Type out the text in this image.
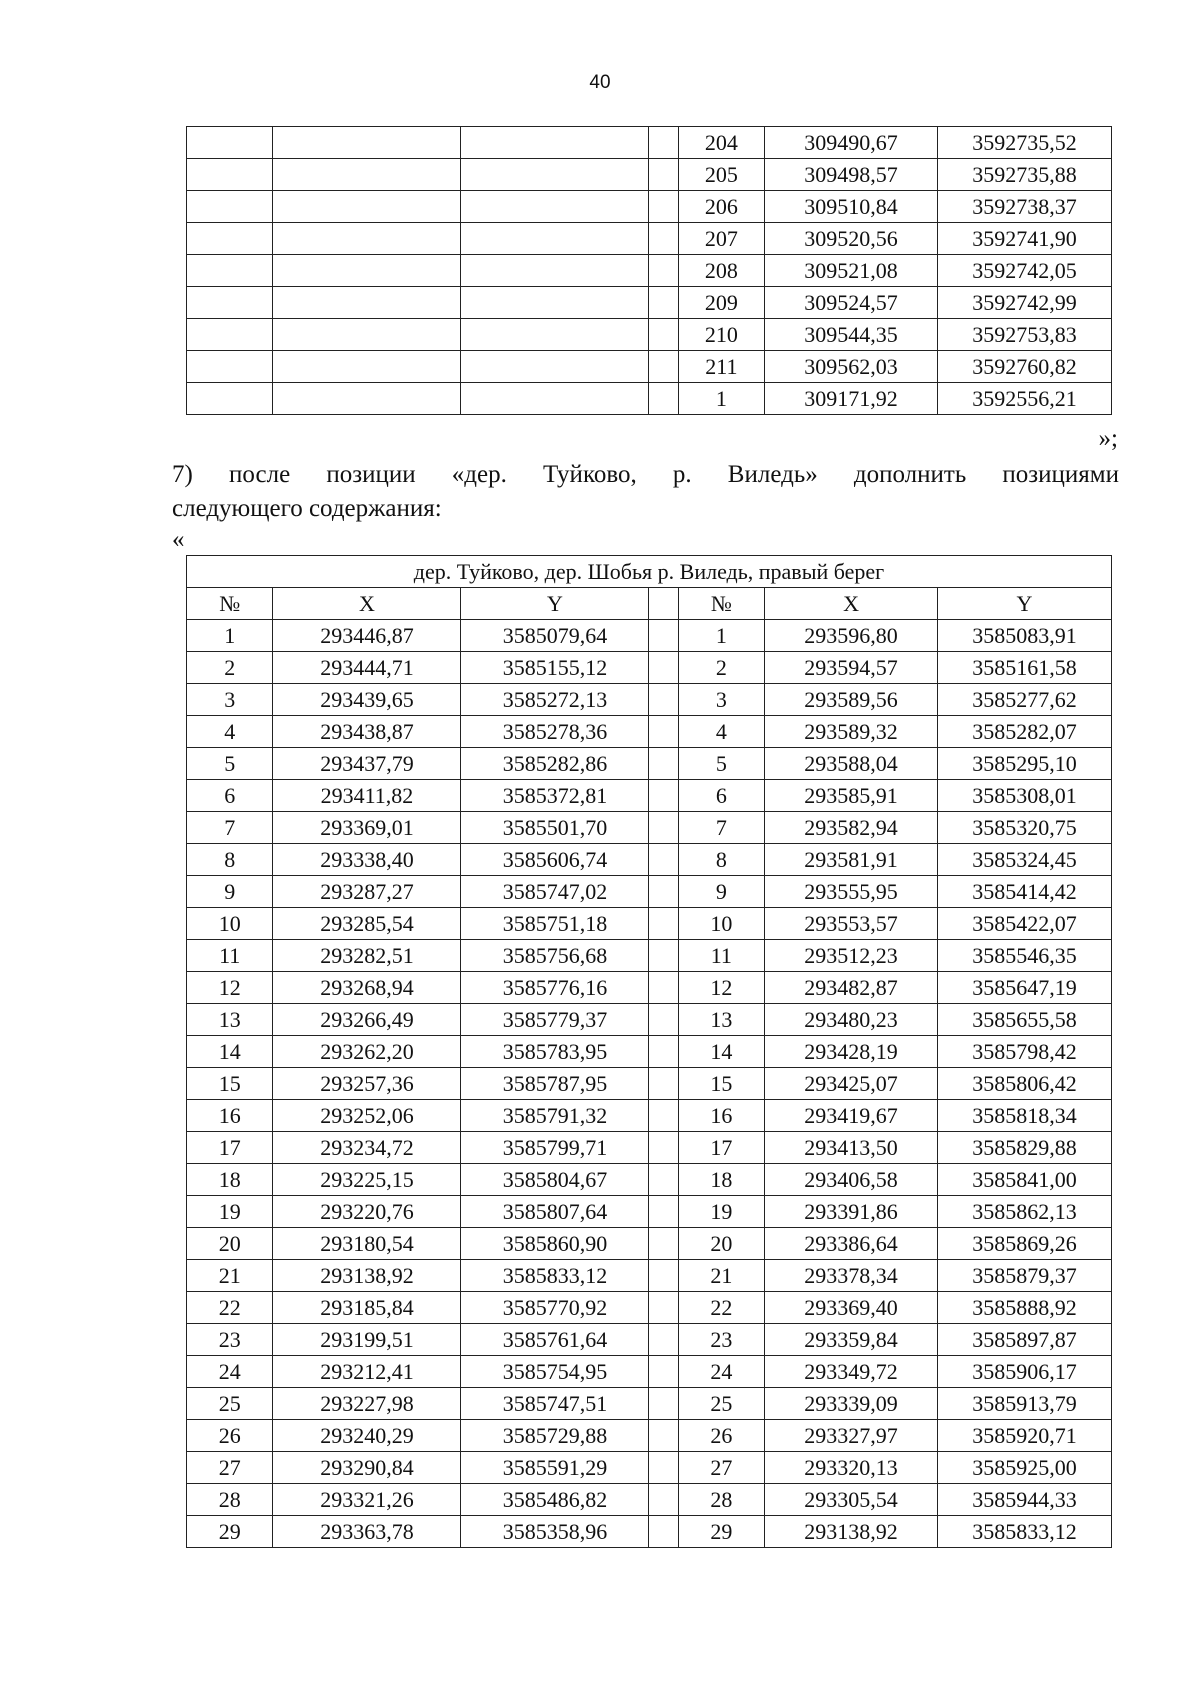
40
				204	309490,67	3592735,52
				205	309498,57	3592735,88
				206	309510,84	3592738,37
				207	309520,56	3592741,90
				208	309521,08	3592742,05
				209	309524,57	3592742,99
				210	309544,35	3592753,83
				211	309562,03	3592760,82
				1	309171,92	3592556,21
»;
7) после позиции «дер. Туйково, р. Виледь» дополнить позициями
следующего содержания:
«
дер. Туйково, дер. Шобья р. Виледь, правый берег						
№	X	Y		№	X	Y
1	293446,87	3585079,64		1	293596,80	3585083,91
2	293444,71	3585155,12		2	293594,57	3585161,58
3	293439,65	3585272,13		3	293589,56	3585277,62
4	293438,87	3585278,36		4	293589,32	3585282,07
5	293437,79	3585282,86		5	293588,04	3585295,10
6	293411,82	3585372,81		6	293585,91	3585308,01
7	293369,01	3585501,70		7	293582,94	3585320,75
8	293338,40	3585606,74		8	293581,91	3585324,45
9	293287,27	3585747,02		9	293555,95	3585414,42
10	293285,54	3585751,18		10	293553,57	3585422,07
11	293282,51	3585756,68		11	293512,23	3585546,35
12	293268,94	3585776,16		12	293482,87	3585647,19
13	293266,49	3585779,37		13	293480,23	3585655,58
14	293262,20	3585783,95		14	293428,19	3585798,42
15	293257,36	3585787,95		15	293425,07	3585806,42
16	293252,06	3585791,32		16	293419,67	3585818,34
17	293234,72	3585799,71		17	293413,50	3585829,88
18	293225,15	3585804,67		18	293406,58	3585841,00
19	293220,76	3585807,64		19	293391,86	3585862,13
20	293180,54	3585860,90		20	293386,64	3585869,26
21	293138,92	3585833,12		21	293378,34	3585879,37
22	293185,84	3585770,92		22	293369,40	3585888,92
23	293199,51	3585761,64		23	293359,84	3585897,87
24	293212,41	3585754,95		24	293349,72	3585906,17
25	293227,98	3585747,51		25	293339,09	3585913,79
26	293240,29	3585729,88		26	293327,97	3585920,71
27	293290,84	3585591,29		27	293320,13	3585925,00
28	293321,26	3585486,82		28	293305,54	3585944,33
29	293363,78	3585358,96		29	293138,92	3585833,12
